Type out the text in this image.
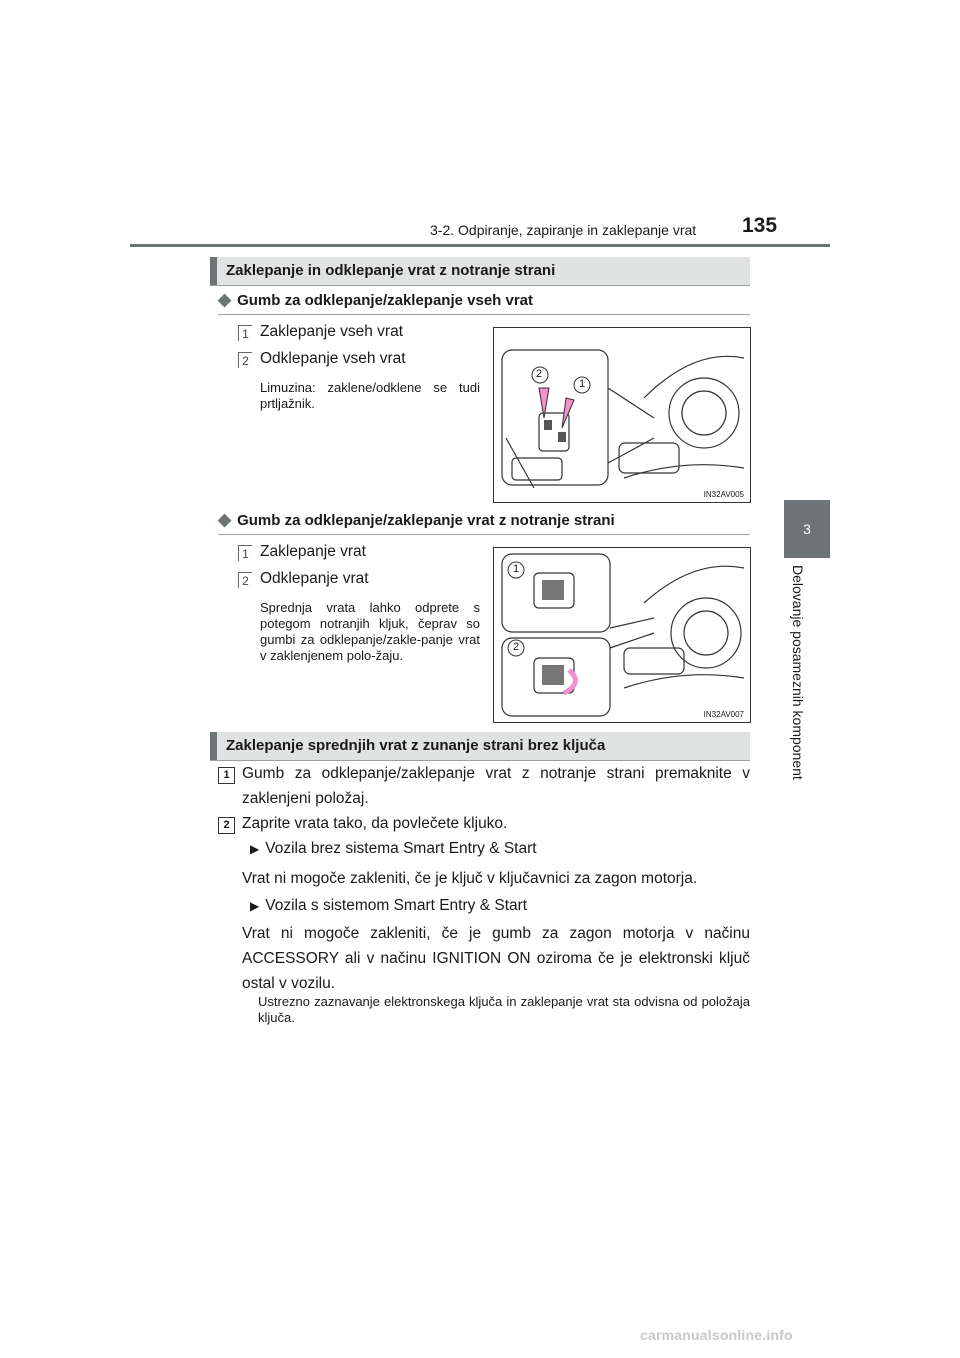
3-2. Odpiranje, zapiranje in zaklepanje vrat 135
3
Delovanje posameznih komponent
Zaklepanje in odklepanje vrat z notranje strani
◆ Gumb za odklepanje/zaklepanje vseh vrat
1 Zaklepanje vseh vrat
2 Odklepanje vseh vrat
Limuzina: zaklene/odklene se tudi prtljažnik.
2
1
IN32AV005
◆ Gumb za odklepanje/zaklepanje vrat z notranje strani
1 Zaklepanje vrat
2 Odklepanje vrat
Sprednja vrata lahko odprete s potegom notranjih kljuk, čeprav so gumbi za odklepanje/zakle-panje vrat v zaklenjenem polo-žaju.
1
2
IN32AV007
Zaklepanje sprednjih vrat z zunanje strani brez ključa
1 Gumb za odklepanje/zaklepanje vrat z notranje strani premaknite v zaklenjeni položaj.
2 Zaprite vrata tako, da povlečete kljuko.
▶ Vozila brez sistema Smart Entry & Start
Vrat ni mogoče zakleniti, če je ključ v ključavnici za zagon motorja.
▶ Vozila s sistemom Smart Entry & Start
Vrat ni mogoče zakleniti, če je gumb za zagon motorja v načinu ACCESSORY ali v načinu IGNITION ON oziroma če je elektronski ključ ostal v vozilu.
Ustrezno zaznavanje elektronskega ključa in zaklepanje vrat sta odvisna od položaja ključa.
carmanualsonline.info
